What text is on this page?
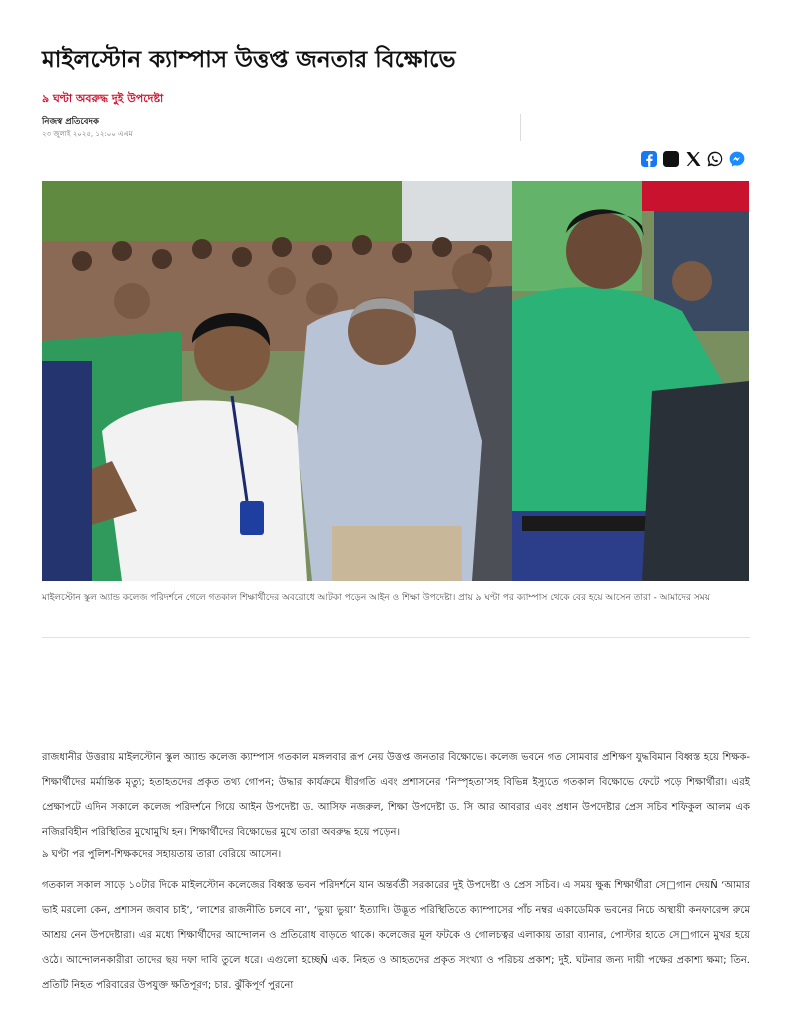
মাইলস্টোন ক্যাম্পাস উত্তপ্ত জনতার বিক্ষোভে
৯ ঘণ্টা অবরুদ্ধ দুই উপদেষ্টা
নিজস্ব প্রতিবেদক
২৩ জুলাই ২০২৫, ১২:০০ এএম

মাইলস্টোন স্কুল অ্যান্ড কলেজ পরিদর্শনে গেলে গতকাল শিক্ষার্থীদের অবরোধে আটকা পড়েন আইন ও শিক্ষা উপদেষ্টা। প্রায় ৯ ঘণ্টা পর ক্যাম্পাস থেকে বের হয়ে আসেন তারা - আমাদের সময়

রাজধানীর উত্তরায় মাইলস্টোন স্কুল অ্যান্ড কলেজ ক্যাম্পাস গতকাল মঙ্গলবার রূপ নেয় উত্তপ্ত জনতার বিক্ষোভে। কলেজ ভবনে গত সোমবার প্রশিক্ষণ যুদ্ধবিমান বিধ্বস্ত হয়ে শিক্ষক-শিক্ষার্থীদের মর্মান্তিক মৃত্যু; হতাহতদের প্রকৃত তথ্য গোপন; উদ্ধার কার্যক্রমে ধীরগতি এবং প্রশাসনের ‘নিস্পৃহতা’সহ বিভিন্ন ইস্যুতে গতকাল বিক্ষোভে ফেটে পড়ে শিক্ষার্থীরা। এরই প্রেক্ষাপটে এদিন সকালে কলেজ পরিদর্শনে গিয়ে আইন উপদেষ্টা ড. আসিফ নজরুল, শিক্ষা উপদেষ্টা ড. সি আর আবরার এবং প্রধান উপদেষ্টার প্রেস সচিব শফিকুল আলম এক নজিরবিহীন পরিস্থিতির মুখোমুখি হন। শিক্ষার্থীদের বিক্ষোভের মুখে তারা অবরুদ্ধ হয়ে পড়েন।

৯ ঘণ্টা পর পুলিশ-শিক্ষকদের সহায়তায় তারা বেরিয়ে আসেন।

গতকাল সকাল সাড়ে ১০টার দিকে মাইলস্টোন কলেজের বিধ্বস্ত ভবন পরিদর্শনে যান অন্তর্বর্তী সরকারের দুই উপদেষ্টা ও প্রেস সচিব। এ সময় ক্ষুব্ধ শিক্ষার্থীরা সে□গান দেয়Ñ ‘আমার ভাই মরলো কেন, প্রশাসন জবাব চাই’, ‘লাশের রাজনীতি চলবে না’, ‘ভুয়া ভুয়া’ ইত্যাদি। উদ্ভূত পরিস্থিতিতে ক্যাম্পাসের পাঁচ নম্বর একাডেমিক ভবনের নিচে অস্থায়ী কনফারেন্স রুমে আশ্রয় নেন উপদেষ্টারা। এর মধ্যে শিক্ষার্থীদের আন্দোলন ও প্রতিরোধ বাড়তে থাকে। কলেজের মূল ফটকে ও গোলচত্বর এলাকায় তারা ব্যানার, পোস্টার হাতে সে□গানে মুখর হয়ে ওঠে। আন্দোলনকারীরা তাদের ছয় দফা দাবি তুলে ধরে। এগুলো হচ্ছেÑ এক. নিহত ও আহতদের প্রকৃত সংখ্যা ও পরিচয় প্রকাশ; দুই. ঘটনার জন্য দায়ী পক্ষের প্রকাশ্য ক্ষমা; তিন. প্রতিটি নিহত পরিবারের উপযুক্ত ক্ষতিপূরণ; চার. ঝুঁকিপূর্ণ পুরনো
